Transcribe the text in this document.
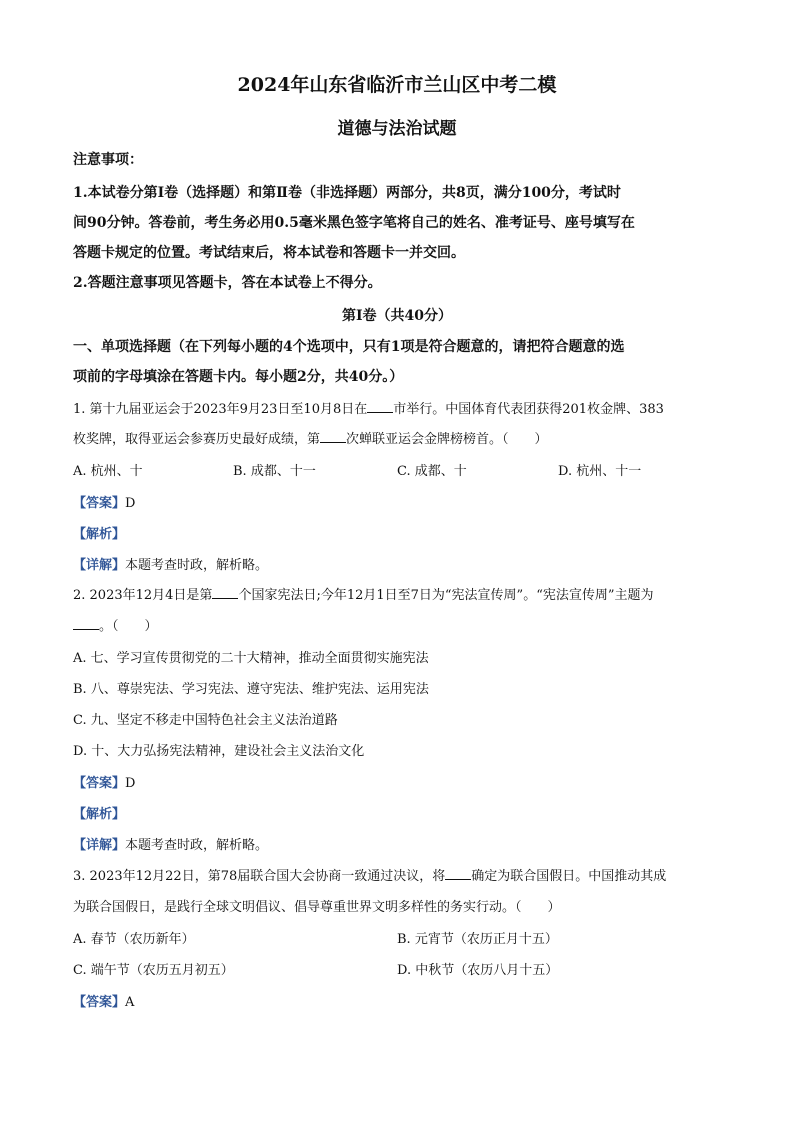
2024年山东省临沂市兰山区中考二模
道德与法治试题
注意事项：
1.本试卷分第Ⅰ卷（选择题）和第Ⅱ卷（非选择题）两部分，共8页，满分100分，考试时
间90分钟。答卷前，考生务必用0.5毫米黑色签字笔将自己的姓名、准考证号、座号填写在
答题卡规定的位置。考试结束后，将本试卷和答题卡一并交回。
2.答题注意事项见答题卡，答在本试卷上不得分。
第Ⅰ卷（共40分）
一、单项选择题（在下列每小题的4个选项中，只有1项是符合题意的，请把符合题意的选
项前的字母填涂在答题卡内。每小题2分，共40分。）
1. 第十九届亚运会于2023年9月23日至10月8日在 市举行。中国体育代表团获得201枚金牌、383
枚奖牌，取得亚运会参赛历史最好成绩，第 次蝉联亚运会金牌榜榜首。（　　）
A. 杭州、十	B. 成都、十一	C. 成都、十	D. 杭州、十一
【答案】D
【解析】
【详解】本题考查时政，解析略。
2. 2023年12月4日是第 个国家宪法日;今年12月1日至7日为“宪法宣传周”。“宪法宣传周”主题为
。（　　）
A. 七、学习宣传贯彻党的二十大精神，推动全面贯彻实施宪法
B. 八、尊崇宪法、学习宪法、遵守宪法、维护宪法、运用宪法
C. 九、坚定不移走中国特色社会主义法治道路
D. 十、大力弘扬宪法精神，建设社会主义法治文化
【答案】D
【解析】
【详解】本题考查时政，解析略。
3. 2023年12月22日，第78届联合国大会协商一致通过决议，将 确定为联合国假日。中国推动其成
为联合国假日，是践行全球文明倡议、倡导尊重世界文明多样性的务实行动。（　　）
A. 春节（农历新年）	B. 元宵节（农历正月十五）
C. 端午节（农历五月初五）	D. 中秋节（农历八月十五）
【答案】A
